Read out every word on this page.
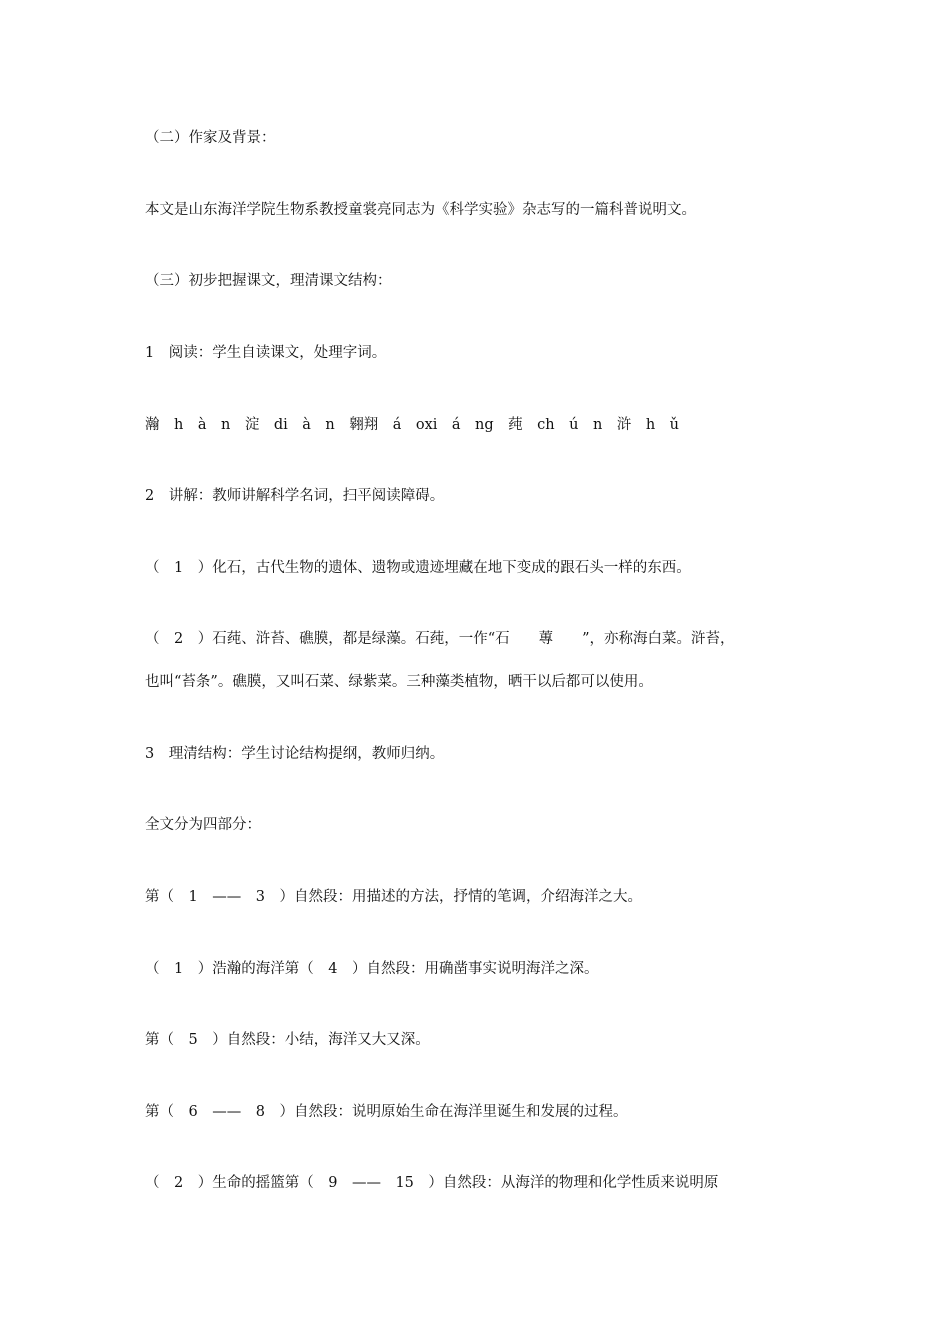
（二）作家及背景：
本文是山东海洋学院生物系教授童裳亮同志为《科学实验》杂志写的一篇科普说明文。
（三）初步把握课文，理清课文结构：
1　阅读：学生自读课文，处理字词。
瀚　h　à　n　淀　di　à　n　翱翔　á　oxi　á　ng　莼　ch　ú　n　浒　h　ǔ
2　讲解：教师讲解科学名词，扫平阅读障碍。
（　1　）化石，古代生物的遗体、遗物或遗迹埋藏在地下变成的跟石头一样的东西。
（　2　）石莼、浒苔、礁膜，都是绿藻。石莼，一作“石　　蓴　　”，亦称海白菜。浒苔，
也叫“苔条”。礁膜，又叫石菜、绿紫菜。三种藻类植物，晒干以后都可以使用。
3　理清结构：学生讨论结构提纲，教师归纳。
全文分为四部分：
第（　1　——　3　）自然段：用描述的方法，抒情的笔调，介绍海洋之大。
（　1　）浩瀚的海洋第（　4　）自然段：用确凿事实说明海洋之深。
第（　5　）自然段：小结，海洋又大又深。
第（　6　——　8　）自然段：说明原始生命在海洋里诞生和发展的过程。
（　2　）生命的摇篮第（　9　——　15　）自然段：从海洋的物理和化学性质来说明原
